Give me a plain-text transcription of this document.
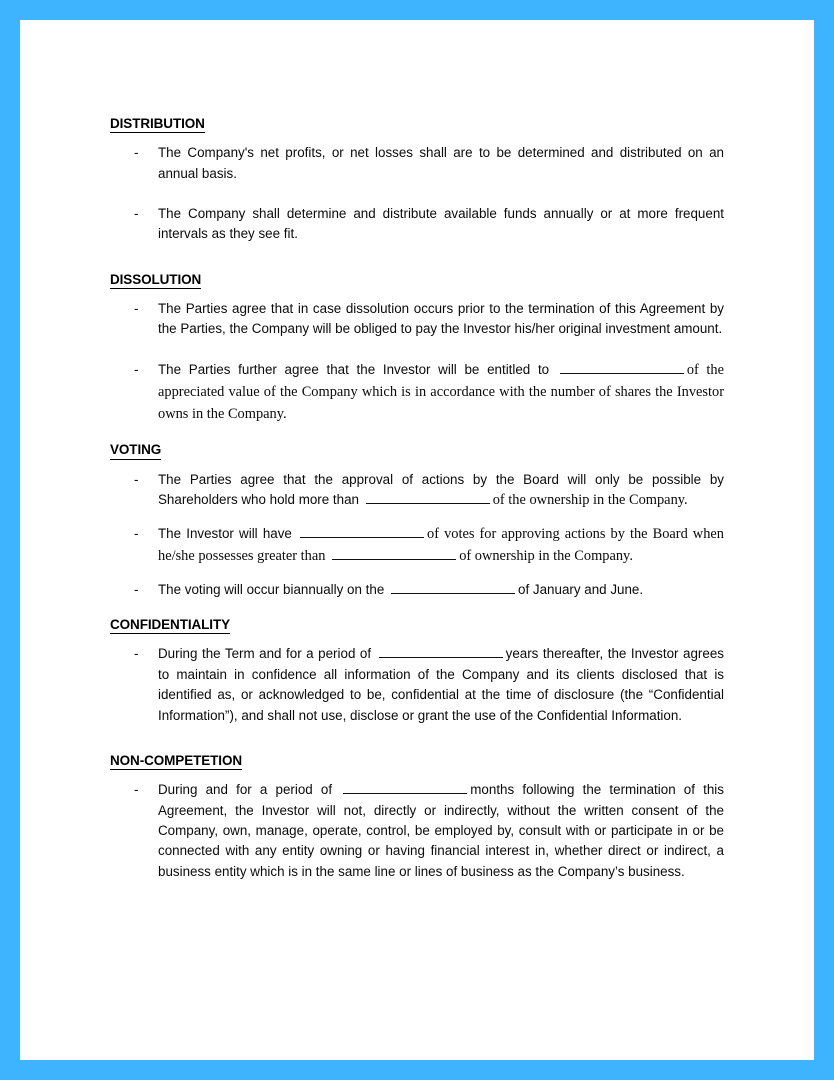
DISTRIBUTION
- The Company's net profits, or net losses shall are to be determined and distributed on an annual basis.
- The Company shall determine and distribute available funds annually or at more frequent intervals as they see fit.
DISSOLUTION
- The Parties agree that in case dissolution occurs prior to the termination of this Agreement by the Parties, the Company will be obliged to pay the Investor his/her original investment amount.
- The Parties further agree that the Investor will be entitled to	of the appreciated value of the Company which is in accordance with the number of shares the Investor owns in the Company.
VOTING
- The Parties agree that the approval of actions by the Board will only be possible by Shareholders who hold more than	of the ownership in the Company.
- The Investor will have	of votes for approving actions by the Board when he/she possesses greater than	of ownership in the Company.
- The voting will occur biannually on the	of January and June.
CONFIDENTIALITY
- During the Term and for a period of	years thereafter, the Investor agrees to maintain in confidence all information of the Company and its clients disclosed that is identified as, or acknowledged to be, confidential at the time of disclosure (the “Confidential Information”), and shall not use, disclose or grant the use of the Confidential Information.
NON-COMPETETION
- During and for a period of	months following the termination of this Agreement, the Investor will not, directly or indirectly, without the written consent of the Company, own, manage, operate, control, be employed by, consult with or participate in or be connected with any entity owning or having financial interest in, whether direct or indirect, a business entity which is in the same line or lines of business as the Company’s business.
